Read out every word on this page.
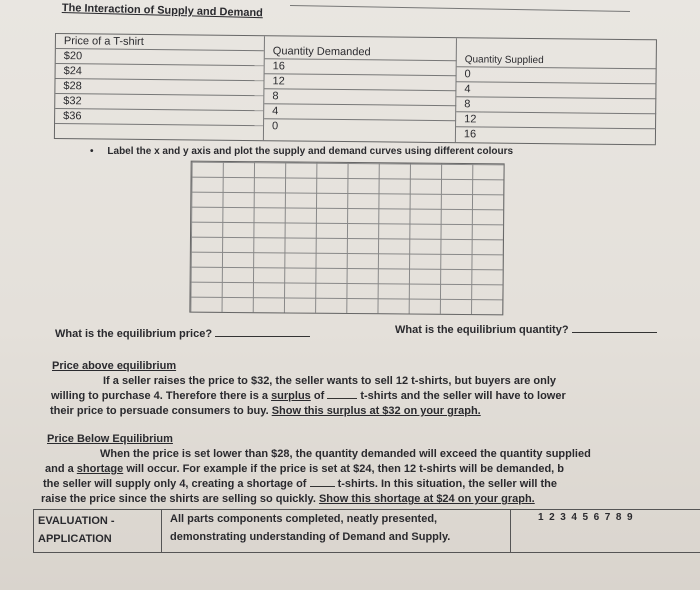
The Interaction of Supply and Demand
Price of a T-shirt
$20
$24
$28
$32
$36
Quantity Demanded
16
12
8
4
0
Quantity Supplied
0
4
8
12
16
•     Label the x and y axis and plot the supply and demand curves using different colours
What is the equilibrium price?	What is the equilibrium quantity?
Price above equilibrium
If a seller raises the price to $32, the seller wants to sell 12 t-shirts, but buyers are only
willing to purchase 4. Therefore there is a surplus of	t-shirts and the seller will have to lower
their price to persuade consumers to buy. Show this surplus at $32 on your graph.
Price Below Equilibrium
When the price is set lower than $28, the quantity demanded will exceed the quantity supplied
and a shortage will occur. For example if the price is set at $24, then 12 t-shirts will be demanded, b
the seller will supply only 4, creating a shortage of  t-shirts. In this situation, the seller will the
raise the price since the shirts are selling so quickly. Show this shortage at $24 on your graph.
EVALUATION -
APPLICATION
All parts components completed, neatly presented,
demonstrating understanding of Demand and Supply.
1  2  3  4  5  6  7  8  9
